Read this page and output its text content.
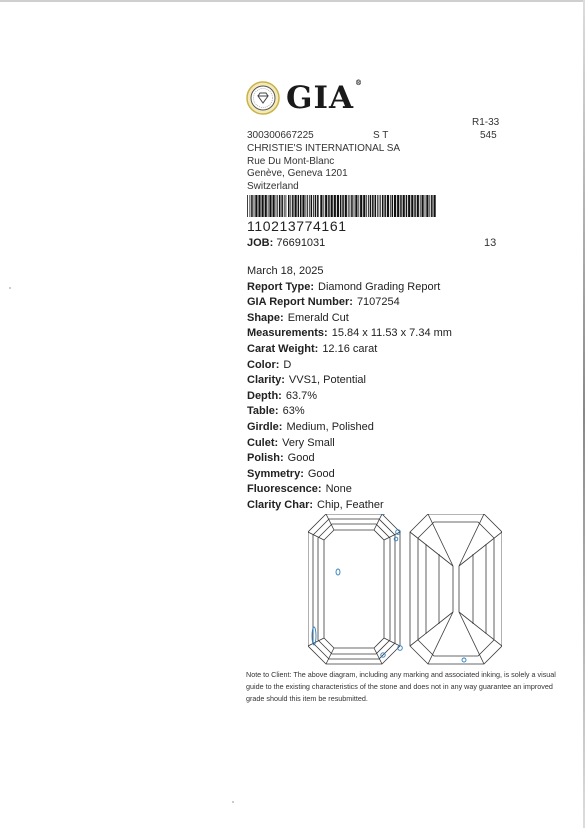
GIA®
R1-33
545
300300667225	S T
CHRISTIE'S INTERNATIONAL SA
Rue Du Mont-Blanc
Genève, Geneva 1201
Switzerland
110213774161
JOB: 76691031	13
March 18, 2025
Report Type: Diamond Grading Report
GIA Report Number: 7107254
Shape: Emerald Cut
Measurements: 15.84 x 11.53 x 7.34 mm
Carat Weight: 12.16 carat
Color: D
Clarity: VVS1, Potential
Depth: 63.7%
Table: 63%
Girdle: Medium, Polished
Culet: Very Small
Polish: Good
Symmetry: Good
Fluorescence: None
Clarity Char: Chip, Feather
Note to Client: The above diagram, including any marking and associated inking, is solely a visual guide to the existing characteristics of the stone and does not in any way guarantee an improved grade should this item be resubmitted.
